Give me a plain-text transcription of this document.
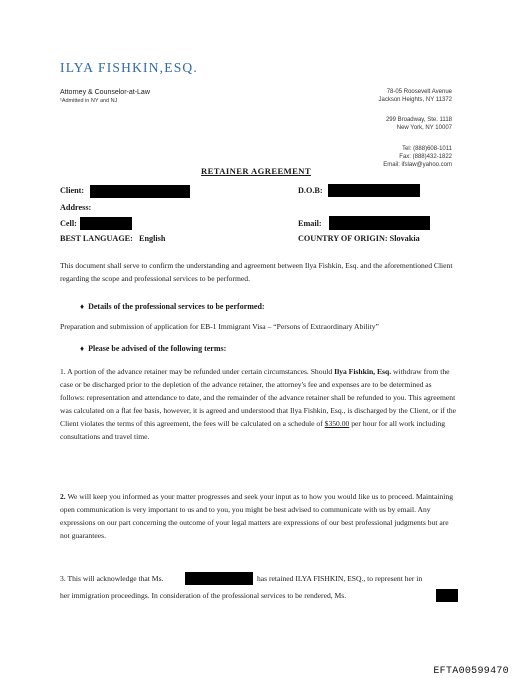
ILYA FISHKIN,ESQ.
Attorney & Counselor-at-Law
¹Admitted in NY and NJ
78-05 Roosevelt Avenue
Jackson Heights, NY 11372
299 Broadway, Ste. 1118
New York, NY 10007
Tel: (888)608-1011
Fax: (888)432-1822
Email: ifslaw@yahoo.com
RETAINER AGREEMENT
Client:	D.O.B:
Address:
Cell:	Email:
BEST LANGUAGE:   English	COUNTRY OF ORIGIN: Slovakia
This document shall serve to confirm the understanding and agreement between Ilya Fishkin, Esq. and the aforementioned Client regarding the scope and professional services to be performed.
♦  Details of the professional services to be performed:
Preparation and submission of application for EB-1 Immigrant Visa – “Persons of Extraordinary Ability”
♦  Please be advised of the following terms:
1. A portion of the advance retainer may be refunded under certain circumstances. Should Ilya Fishkin, Esq. withdraw from the case or be discharged prior to the depletion of the advance retainer, the attorney's fee and expenses are to be determined as follows: representation and attendance to date, and the remainder of the advance retainer shall be refunded to you. This agreement was calculated on a flat fee basis, however, it is agreed and understood that Ilya Fishkin, Esq., is discharged by the Client, or if the Client violates the terms of this agreement, the fees will be calculated on a schedule of $350.00 per hour for all work including consultations and travel time.
2. We will keep you informed as your matter progresses and seek your input as to how you would like us to proceed. Maintaining open communication is very important to us and to you, you might be best advised to communicate with us by email. Any expressions on our part concerning the outcome of your legal matters are expressions of our best professional judgments but are not guarantees.
3. This will acknowledge that Ms.	has retained ILYA FISHKIN, ESQ., to represent her in
her immigration proceedings. In consideration of the professional services to be rendered, Ms.
EFTA00599470
